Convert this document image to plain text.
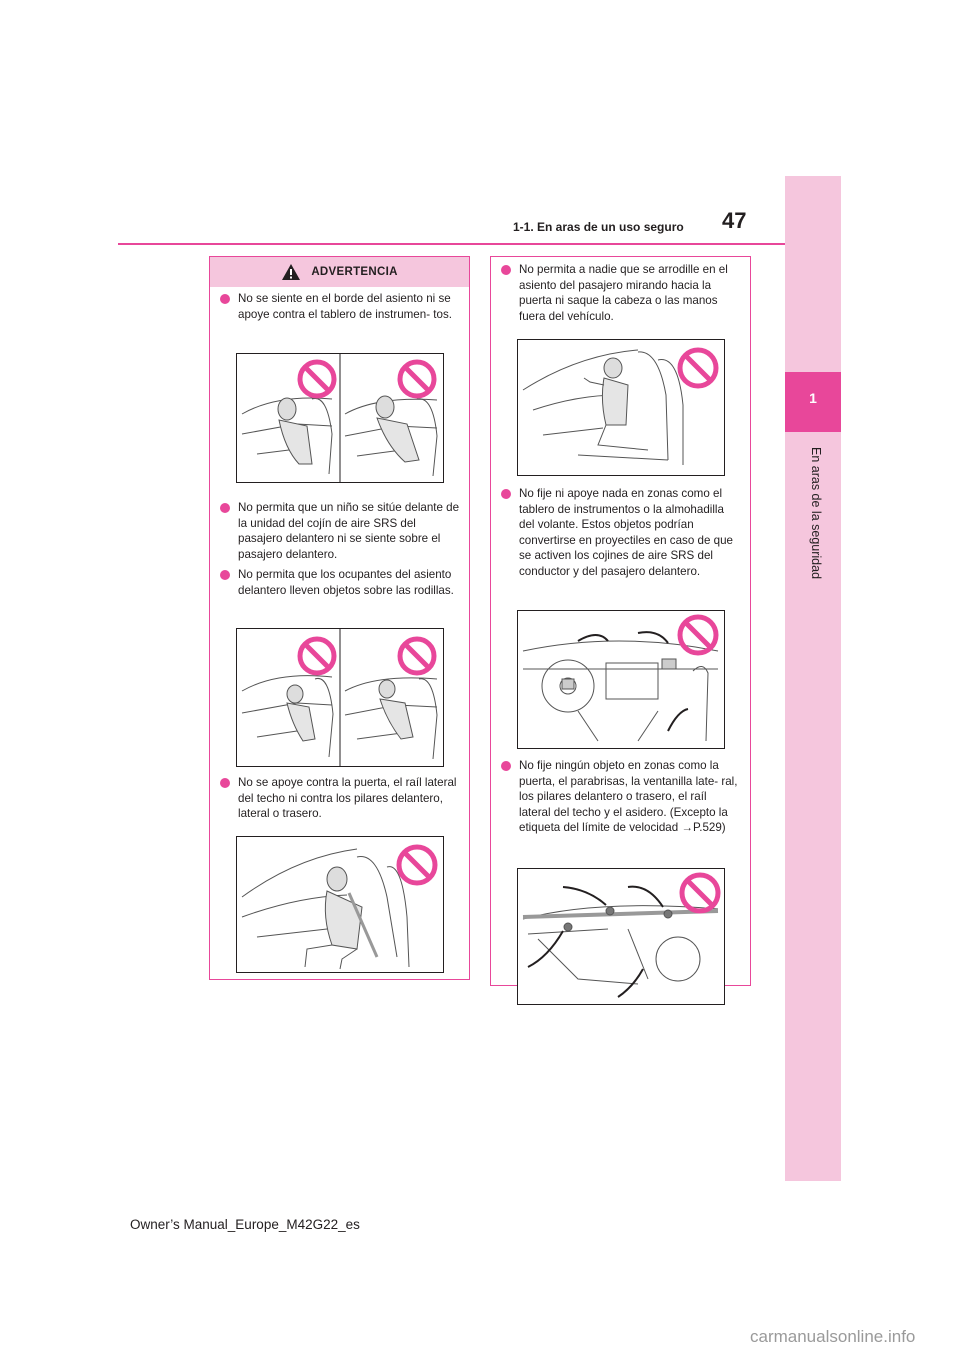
1
En aras de la seguridad
1-1. En aras de un uso seguro 47
ADVERTENCIA
No se siente en el borde del asiento ni se apoye contra el tablero de instrumen- tos.
No permita que un niño se sitúe delante de la unidad del cojín de aire SRS del pasajero delantero ni se siente sobre el pasajero delantero.
No permita que los ocupantes del asiento delantero lleven objetos sobre las rodillas.
No se apoye contra la puerta, el raíl lateral del techo ni contra los pilares delantero, lateral o trasero.
No permita a nadie que se arrodille en el asiento del pasajero mirando hacia la puerta ni saque la cabeza o las manos fuera del vehículo.
No fije ni apoye nada en zonas como el tablero de instrumentos o la almohadilla del volante. Estos objetos podrían convertirse en proyectiles en caso de que se activen los cojines de aire SRS del conductor y del pasajero delantero.
No fije ningún objeto en zonas como la puerta, el parabrisas, la ventanilla late- ral, los pilares delantero o trasero, el raíl lateral del techo y el asidero. (Excepto la etiqueta del límite de velocidad →P.529)
Owner’s Manual_Europe_M42G22_es
carmanualsonline.info
